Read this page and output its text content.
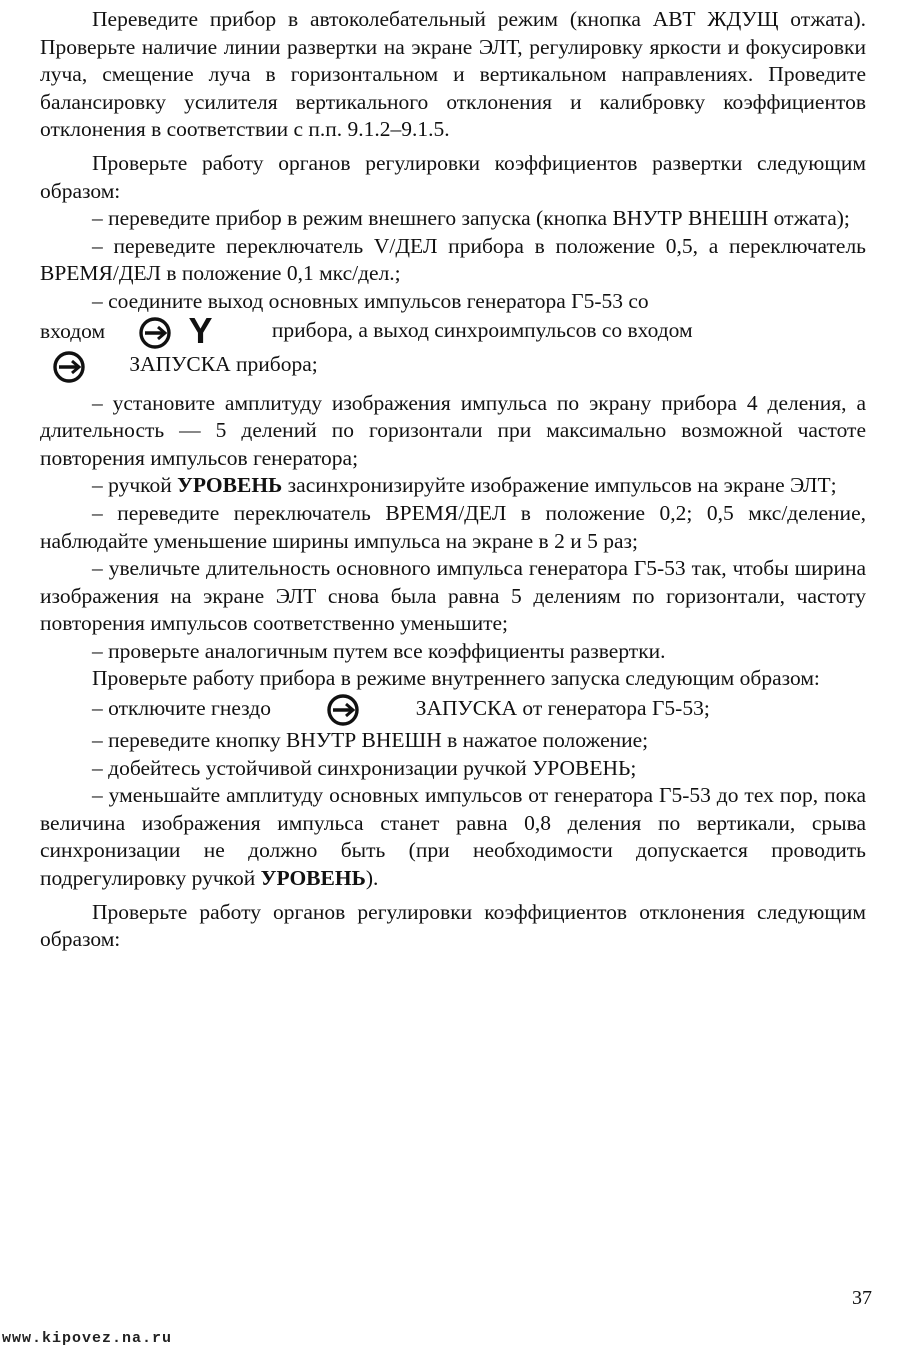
Переведите прибор в автоколебательный режим (кнопка АВТ ЖДУЩ отжата). Проверьте наличие линии развертки на экране ЭЛТ, регулировку яркости и фокусировки луча, смещение луча в горизонтальном и вертикальном направлениях. Проведите балансировку усилителя вертикального отклонения и калибровку коэффициентов отклонения в соответствии с п.п. 9.1.2–9.1.5.

Проверьте работу органов регулировки коэффициентов развертки следующим образом:

– переведите прибор в режим внешнего запуска (кнопка ВНУТР ВНЕШН отжата);

– переведите переключатель V/ДЕЛ прибора в положение 0,5, а переключатель ВРЕМЯ/ДЕЛ в положение 0,1 мкс/дел.;

– соедините выход основных импульсов генератора Г5-53 со

входом Y	прибора, а выход синхроимпульсов со входом

ЗАПУСКА прибора;

– установите амплитуду изображения импульса по экрану прибора 4 деления, а длительность — 5 делений по горизонтали при максимально возможной частоте повторения импульсов генератора;

– ручкой УРОВЕНЬ засинхронизируйте изображение импульсов на экране ЭЛТ;

– переведите переключатель ВРЕМЯ/ДЕЛ в положение 0,2; 0,5 мкс/деление, наблюдайте уменьшение ширины импульса на экране в 2 и 5 раз;

– увеличьте длительность основного импульса генератора Г5-53 так, чтобы ширина изображения на экране ЭЛТ снова была равна 5 делениям по горизонтали, частоту повторения импульсов соответственно уменьшите;

– проверьте аналогичным путем все коэффициенты развертки.

Проверьте работу прибора в режиме внутреннего запуска следующим образом:

– отключите гнездо	ЗАПУСКА от генератора Г5-53;

– переведите кнопку ВНУТР ВНЕШН в нажатое положение;

– добейтесь устойчивой синхронизации ручкой УРОВЕНЬ;

– уменьшайте амплитуду основных импульсов от генератора Г5-53 до тех пор, пока величина изображения импульса станет равна 0,8 деления по вертикали, срыва синхронизации не должно быть (при необходимости допускается проводить подрегулировку ручкой УРОВЕНЬ).

Проверьте работу органов регулировки коэффициентов отклонения следующим образом:

37
www.kipovez.na.ru
